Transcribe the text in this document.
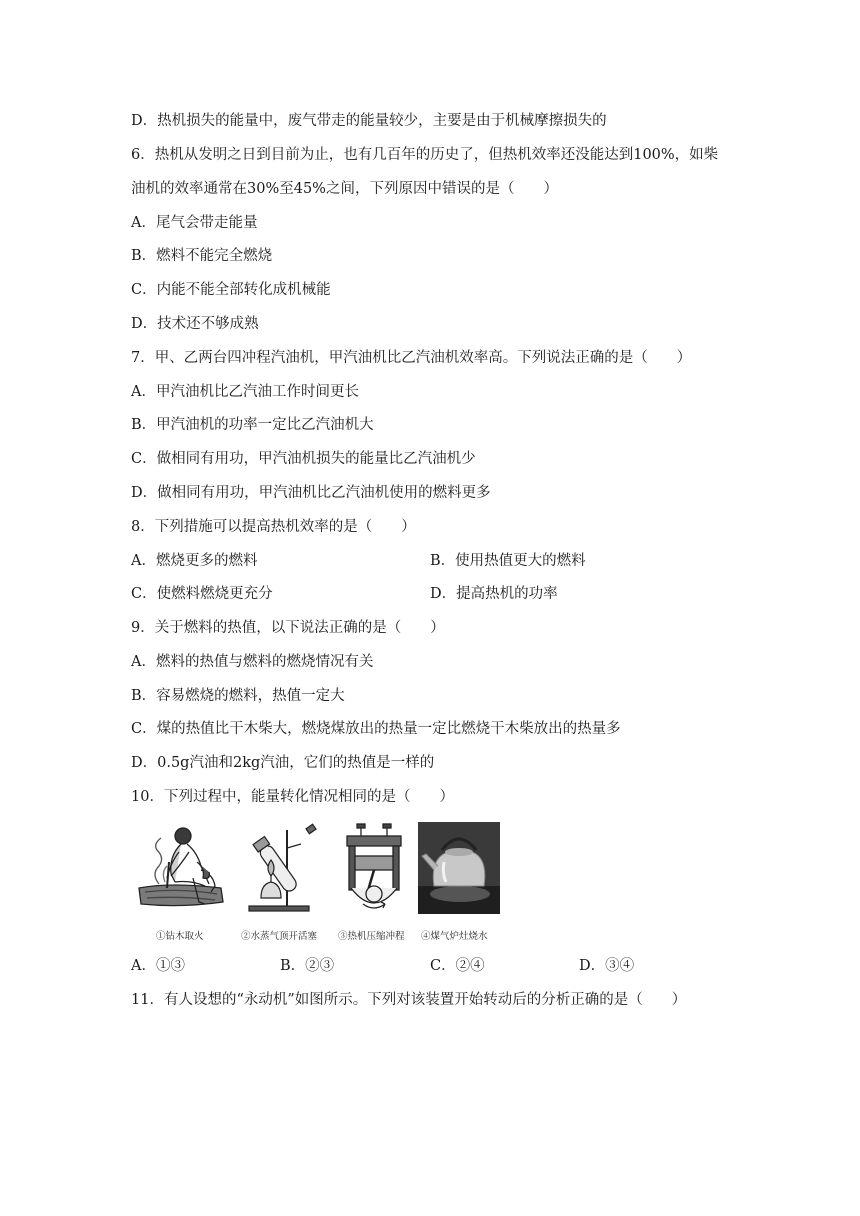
D．热机损失的能量中，废气带走的能量较少，主要是由于机械摩擦损失的
6．热机从发明之日到目前为止，也有几百年的历史了，但热机效率还没能达到100%，如柴
油机的效率通常在30%至45%之间，下列原因中错误的是（　　）
A．尾气会带走能量
B．燃料不能完全燃烧
C．内能不能全部转化成机械能
D．技术还不够成熟
7．甲、乙两台四冲程汽油机，甲汽油机比乙汽油机效率高。下列说法正确的是（　　）
A．甲汽油机比乙汽油工作时间更长
B．甲汽油机的功率一定比乙汽油机大
C．做相同有用功，甲汽油机损失的能量比乙汽油机少
D．做相同有用功，甲汽油机比乙汽油机使用的燃料更多
8．下列措施可以提高热机效率的是（　　）
A．燃烧更多的燃料	B．使用热值更大的燃料
C．使燃料燃烧更充分	D．提高热机的功率
9．关于燃料的热值，以下说法正确的是（　　）
A．燃料的热值与燃料的燃烧情况有关
B．容易燃烧的燃料，热值一定大
C．煤的热值比干木柴大，燃烧煤放出的热量一定比燃烧干木柴放出的热量多
D．0.5g汽油和2kg汽油，它们的热值是一样的
10．下列过程中，能量转化情况相同的是（　　）
①钻木取火	②水蒸气顶开活塞 ③热机压缩冲程 ④煤气炉灶烧水
A．①③	B．②③	C．②④	D．③④
11．有人设想的“永动机”如图所示。下列对该装置开始转动后的分析正确的是（　　）
